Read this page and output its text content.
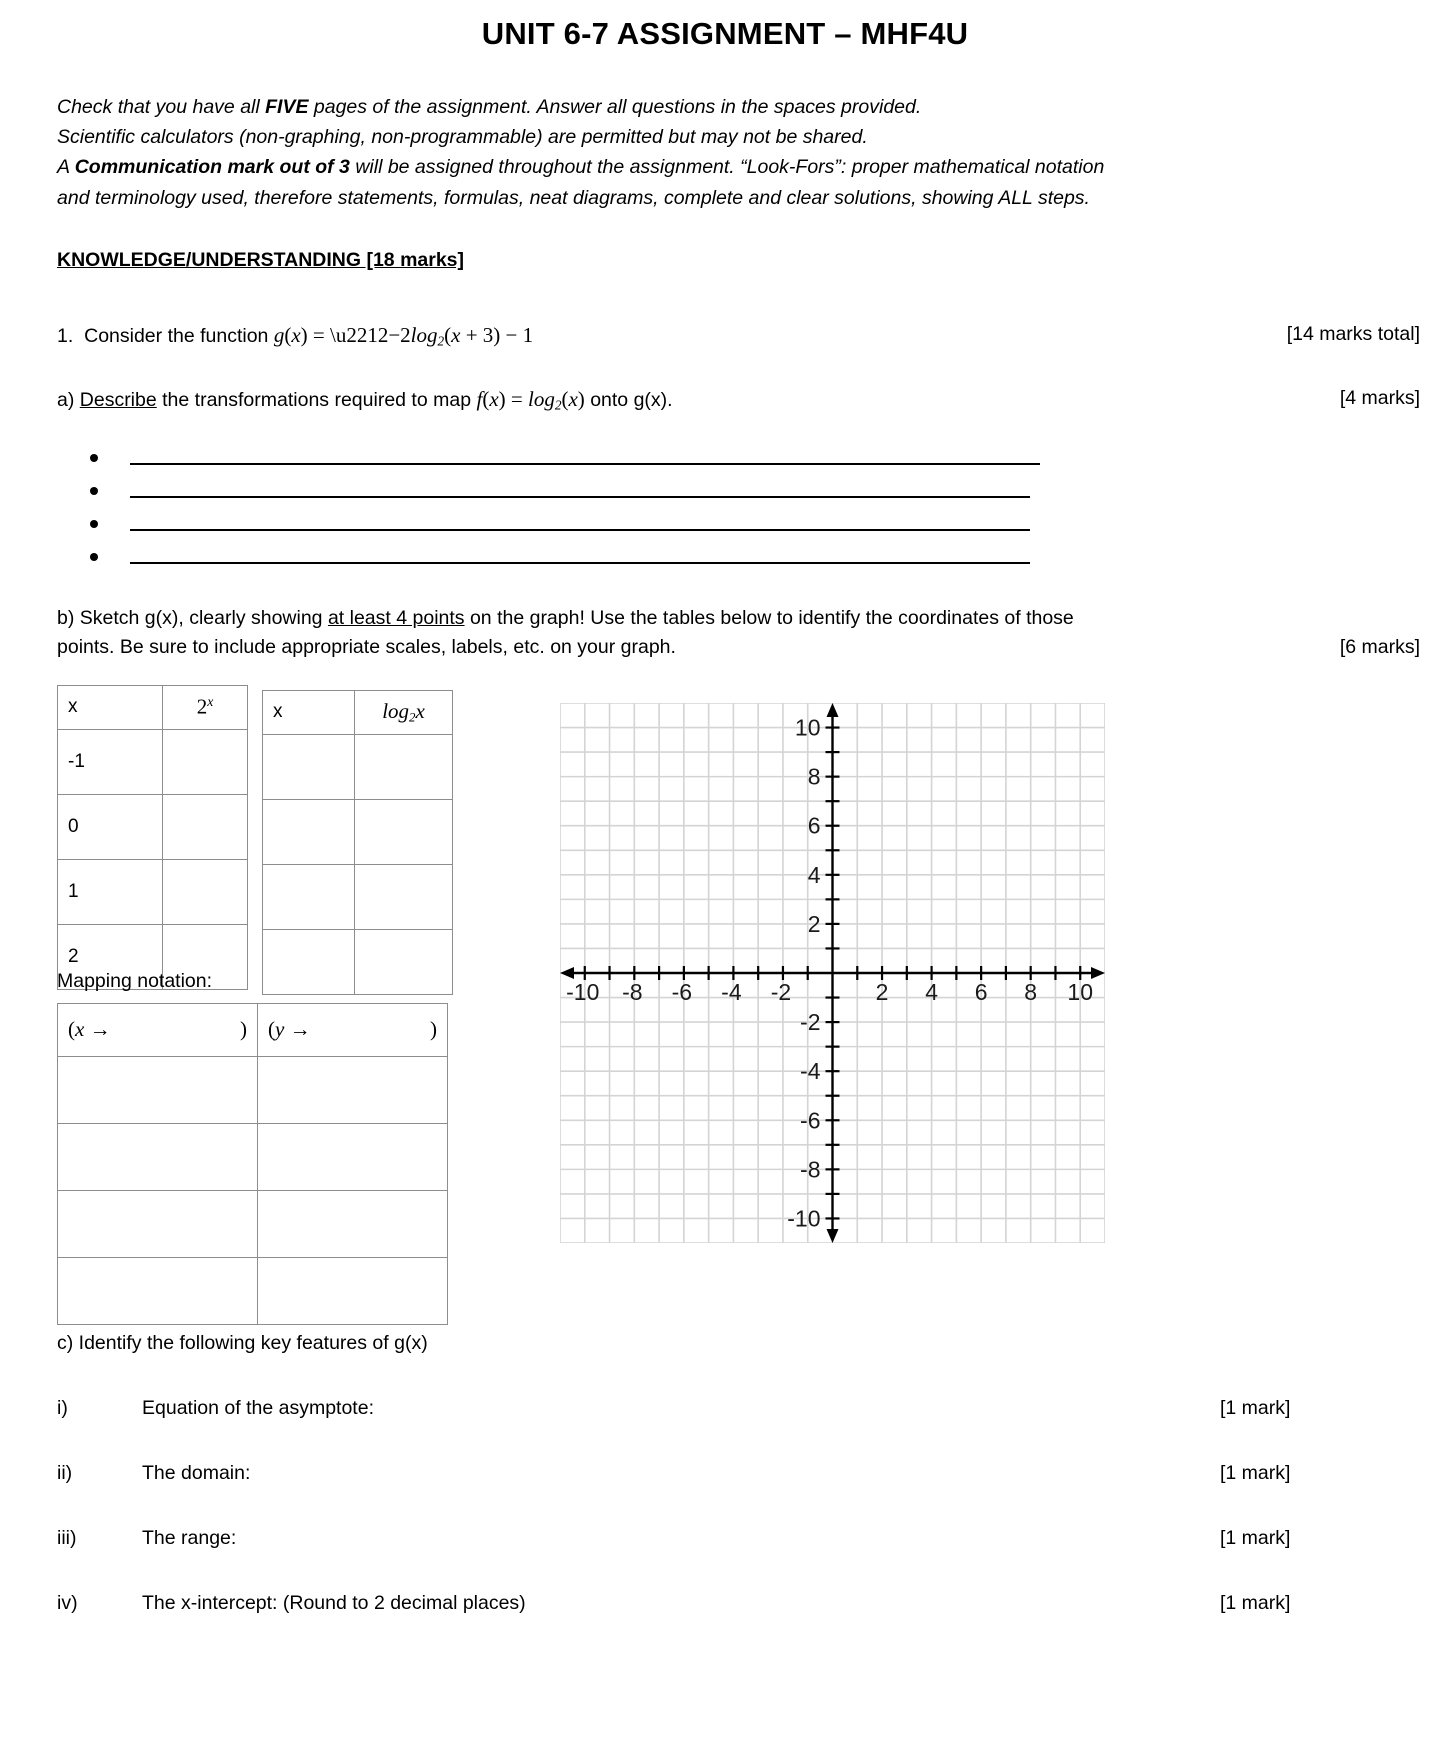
UNIT 6-7 ASSIGNMENT – MHF4U

Check that you have all FIVE pages of the assignment. Answer all questions in the spaces provided.

Scientific calculators (non-graphing, non-programmable) are permitted but may not be shared.

A Communication mark out of 3 will be assigned throughout the assignment. “Look-Fors”: proper mathematical notation

and terminology used, therefore statements, formulas, neat diagrams, complete and clear solutions, showing ALL steps.

KNOWLEDGE/UNDERSTANDING [18 marks]
1. Consider the function $g(x) = \backslash u2212-2\log_2(x + 3) - 1$	[14 marks total]
a) Describe the transformations required to map $f(x) = \log_2(x)$ onto g(x).	[4 marks]
b) Sketch g(x), clearly showing at least 4 points on the graph! Use the tables below to identify the coordinates of those
points. Be sure to include appropriate scales, labels, etc. on your graph.	[6 marks]
x	2$^x$
-1	
0	
1	
2	
x	$\log_2x$

Mapping notation:
(x → )	(y → )

-10 -8 -6 -4 -2	2 4 6 8 10
10
8
6
4
2
-2
-4
-6
-8
-10
c) Identify the following key features of g(x)
i)	Equation of the asymptote:	[1 mark]
ii)	The domain:	[1 mark]
iii)	The range:	[1 mark]
iv)	The x-intercept: (Round to 2 decimal places)	[1 mark]
